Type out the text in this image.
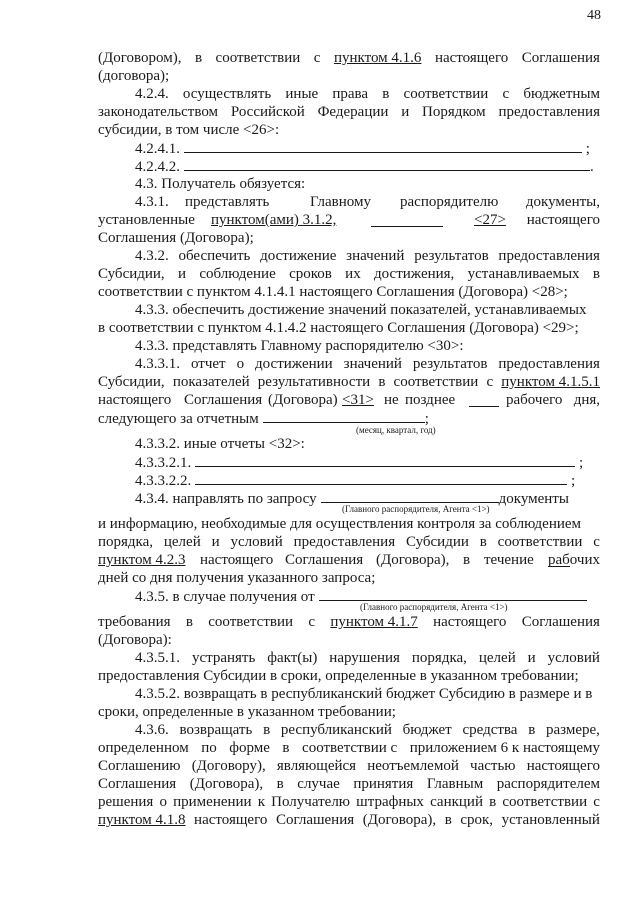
48
(Договором), в соответствии с пунктом 4.1.6 настоящего Соглашения
(договора);
4.2.4. осуществлять иные права в соответствии с бюджетным
законодательством Российской Федерации и Порядком предоставления
субсидии, в том числе <26>:
4.2.4.1.	;
4.2.4.2.	.
4.3. Получатель обязуется:
4.3.1. представлять	Главному распорядителю документы,
установленные пунктом(ами) 3.1.2,	<27> настоящего
Соглашения (Договора);
4.3.2. обеспечить достижение значений результатов предоставления
Субсидии, и соблюдение сроков их достижения, устанавливаемых в
соответствии с пунктом 4.1.4.1 настоящего Соглашения (Договора) <28>;
4.3.3. обеспечить достижение значений показателей, устанавливаемых
в соответствии с пунктом 4.1.4.2 настоящего Соглашения (Договора) <29>;
4.3.3. представлять Главному распорядителю <30>:
4.3.3.1. отчет о достижении значений результатов предоставления
Субсидии, показателей результативности в соответствии с пунктом 4.1.5.1
настоящего Соглашения (Договора) <31> не позднее	рабочего дня,
следующего за отчетным	;
(месяц, квартал, год)
4.3.3.2. иные отчеты <32>:
4.3.3.2.1.	;
4.3.3.2.2.	;
4.3.4. направлять по запросу	документы
(Главного распорядителя, Агента <1>)
и информацию, необходимые для осуществления контроля за соблюдением
порядка, целей и условий предоставления Субсидии в соответствии с
пунктом 4.2.3 настоящего Соглашения (Договора), в течение рабочих
дней со дня получения указанного запроса;
4.3.5. в случае получения от
(Главного распорядителя, Агента <1>)
требования в соответствии с пунктом 4.1.7 настоящего Соглашения
(Договора):
4.3.5.1. устранять факт(ы) нарушения порядка, целей и условий
предоставления Субсидии в сроки, определенные в указанном требовании;
4.3.5.2. возвращать в республиканский бюджет Субсидию в размере и в
сроки, определенные в указанном требовании;
4.3.6. возвращать в республиканский бюджет средства в размере,
определенном по форме в соответствии с приложением 6 к настоящему
Соглашению (Договору), являющейся неотъемлемой частью настоящего
Соглашения (Договора), в случае принятия Главным распорядителем
решения о применении к Получателю штрафных санкций в соответствии с
пунктом 4.1.8 настоящего Соглашения (Договора), в срок, установленный
